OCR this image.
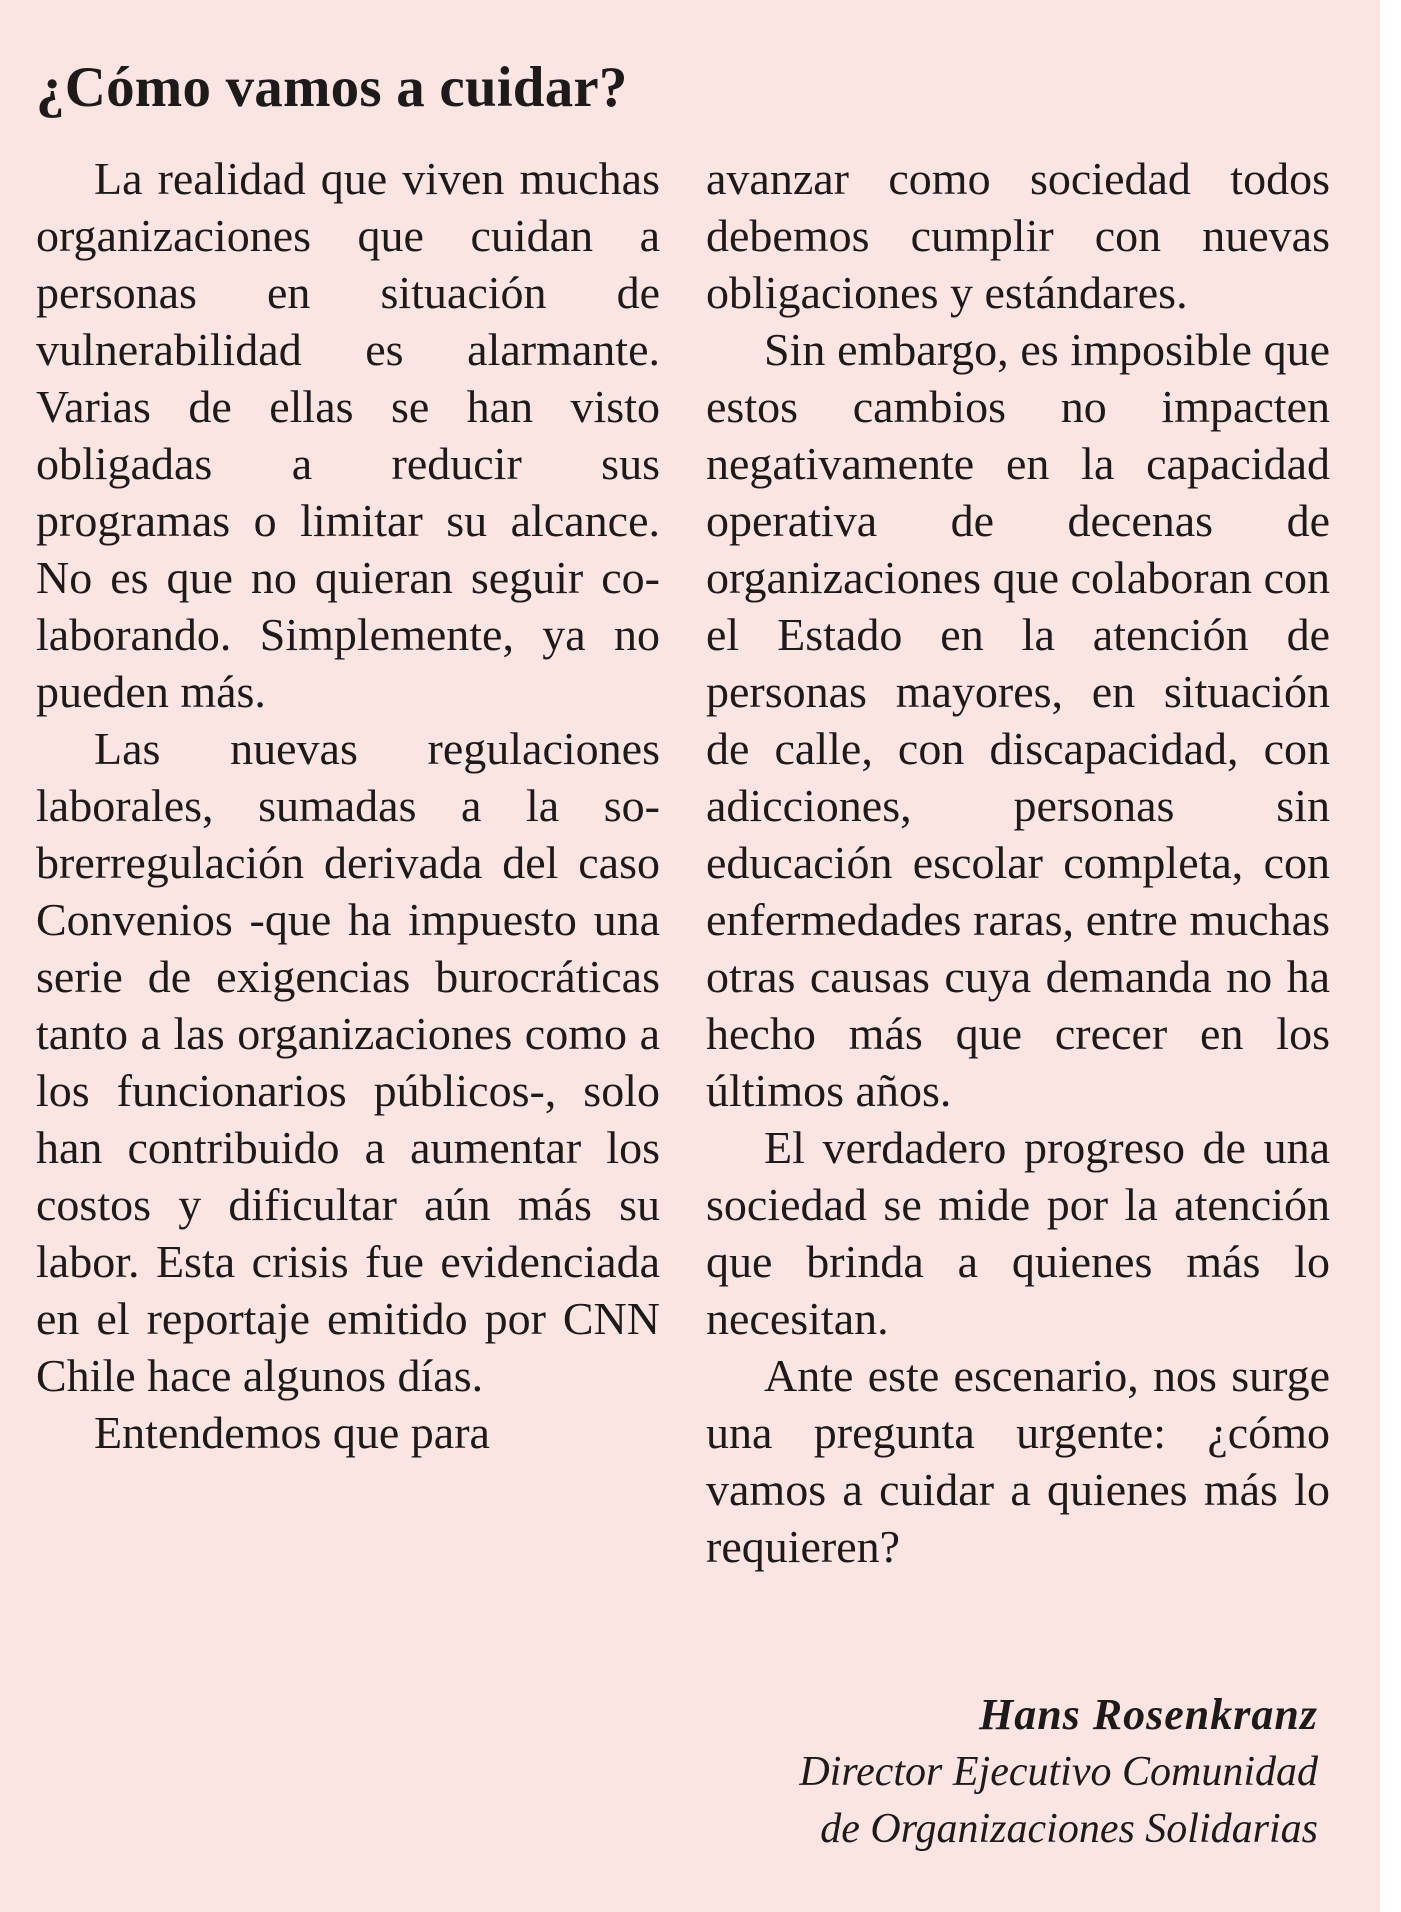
¿Cómo vamos a cuidar?

La realidad que viven muchas organizaciones que cuidan a personas en situación de vulnerabilidad es alarmante. Varias de ellas se han visto obligadas a reducir sus programas o limitar su alcance. No es que no quieran seguir colaborando. Simplemente, ya no pueden más.

Las nuevas regulaciones laborales, sumadas a la sobrerregulación derivada del caso Convenios -que ha impuesto una serie de exigencias burocráticas tanto a las organizaciones como a los funcionarios públicos-, solo han contribuido a aumentar los costos y dificultar aún más su labor. Esta crisis fue evidenciada en el reportaje emitido por CNN Chile hace algunos días.

Entendemos que para

avanzar como sociedad todos debemos cumplir con nuevas obligaciones y estándares.

Sin embargo, es imposible que estos cambios no impacten negativamente en la capacidad operativa de decenas de organizaciones que colaboran con el Estado en la atención de personas mayores, en situación de calle, con discapacidad, con adicciones, personas sin educación escolar completa, con enfermedades raras, entre muchas otras causas cuya demanda no ha hecho más que crecer en los últimos años.

El verdadero progreso de una sociedad se mide por la atención que brinda a quienes más lo necesitan.

Ante este escenario, nos surge una pregunta urgente: ¿cómo vamos a cuidar a quienes más lo requieren?

Hans Rosenkranz
Director Ejecutivo Comunidad
de Organizaciones Solidarias
